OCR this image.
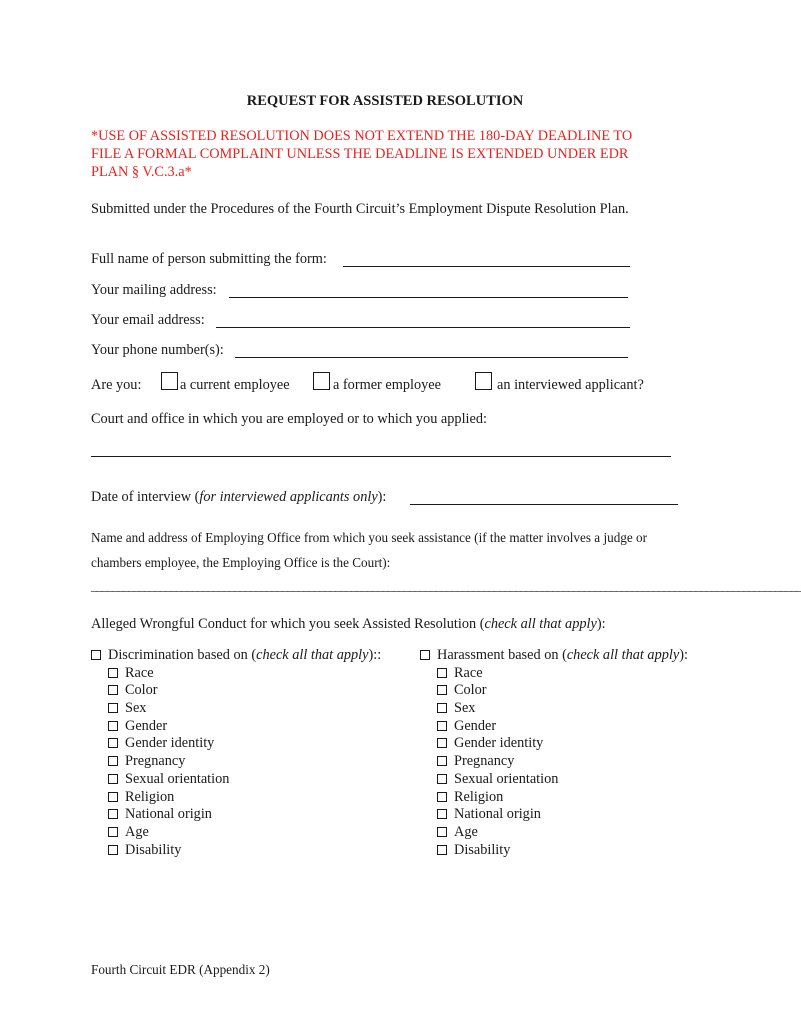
REQUEST FOR ASSISTED RESOLUTION
*USE OF ASSISTED RESOLUTION DOES NOT EXTEND THE 180-DAY DEADLINE TO
FILE A FORMAL COMPLAINT UNLESS THE DEADLINE IS EXTENDED UNDER EDR
PLAN § V.C.3.a*
Submitted under the Procedures of the Fourth Circuit’s Employment Dispute Resolution Plan.
Full name of person submitting the form:
Your mailing address:
Your email address:
Your phone number(s):
Are you:	a current employee	a former employee	an interviewed applicant?
Court and office in which you are employed or to which you applied:
Date of interview (for interviewed applicants only):
Name and address of Employing Office from which you seek assistance (if the matter involves a judge or
chambers employee, the Employing Office is the Court):
______________________________________________________________________________________________________________________________________
Alleged Wrongful Conduct for which you seek Assisted Resolution (check all that apply):
Discrimination based on (check all that apply)::
Race
Color
Sex
Gender
Gender identity
Pregnancy
Sexual orientation
Religion
National origin
Age
Disability
Harassment based on (check all that apply):
Race
Color
Sex
Gender
Gender identity
Pregnancy
Sexual orientation
Religion
National origin
Age
Disability
Fourth Circuit EDR (Appendix 2)
